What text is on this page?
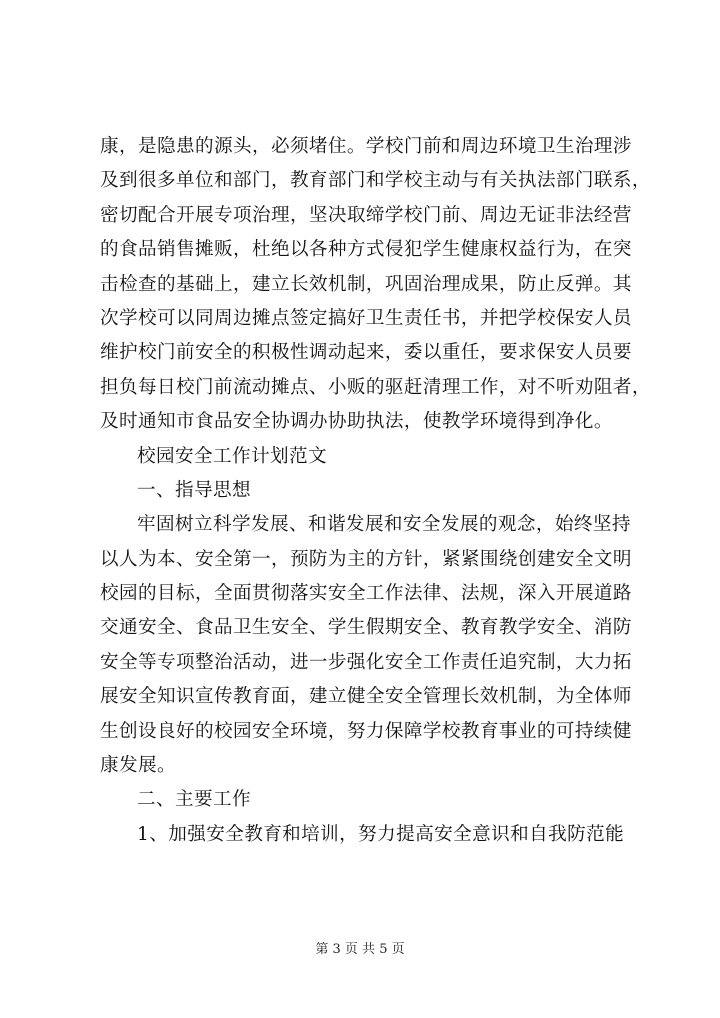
康，是隐患的源头，必须堵住。学校门前和周边环境卫生治理涉
及到很多单位和部门，教育部门和学校主动与有关执法部门联系，
密切配合开展专项治理，坚决取缔学校门前、周边无证非法经营
的食品销售摊贩，杜绝以各种方式侵犯学生健康权益行为，在突
击检查的基础上，建立长效机制，巩固治理成果，防止反弹。其
次学校可以同周边摊点签定搞好卫生责任书，并把学校保安人员
维护校门前安全的积极性调动起来，委以重任，要求保安人员要
担负每日校门前流动摊点、小贩的驱赶清理工作，对不听劝阻者，
及时通知市食品安全协调办协助执法，使教学环境得到净化。
校园安全工作计划范文
一、指导思想
牢固树立科学发展、和谐发展和安全发展的观念，始终坚持
以人为本、安全第一，预防为主的方针，紧紧围绕创建安全文明
校园的目标，全面贯彻落实安全工作法律、法规，深入开展道路
交通安全、食品卫生安全、学生假期安全、教育教学安全、消防
安全等专项整治活动，进一步强化安全工作责任追究制，大力拓
展安全知识宣传教育面，建立健全安全管理长效机制，为全体师
生创设良好的校园安全环境，努力保障学校教育事业的可持续健
康发展。
二、主要工作
1、加强安全教育和培训，努力提高安全意识和自我防范能
第 3 页 共 5 页
